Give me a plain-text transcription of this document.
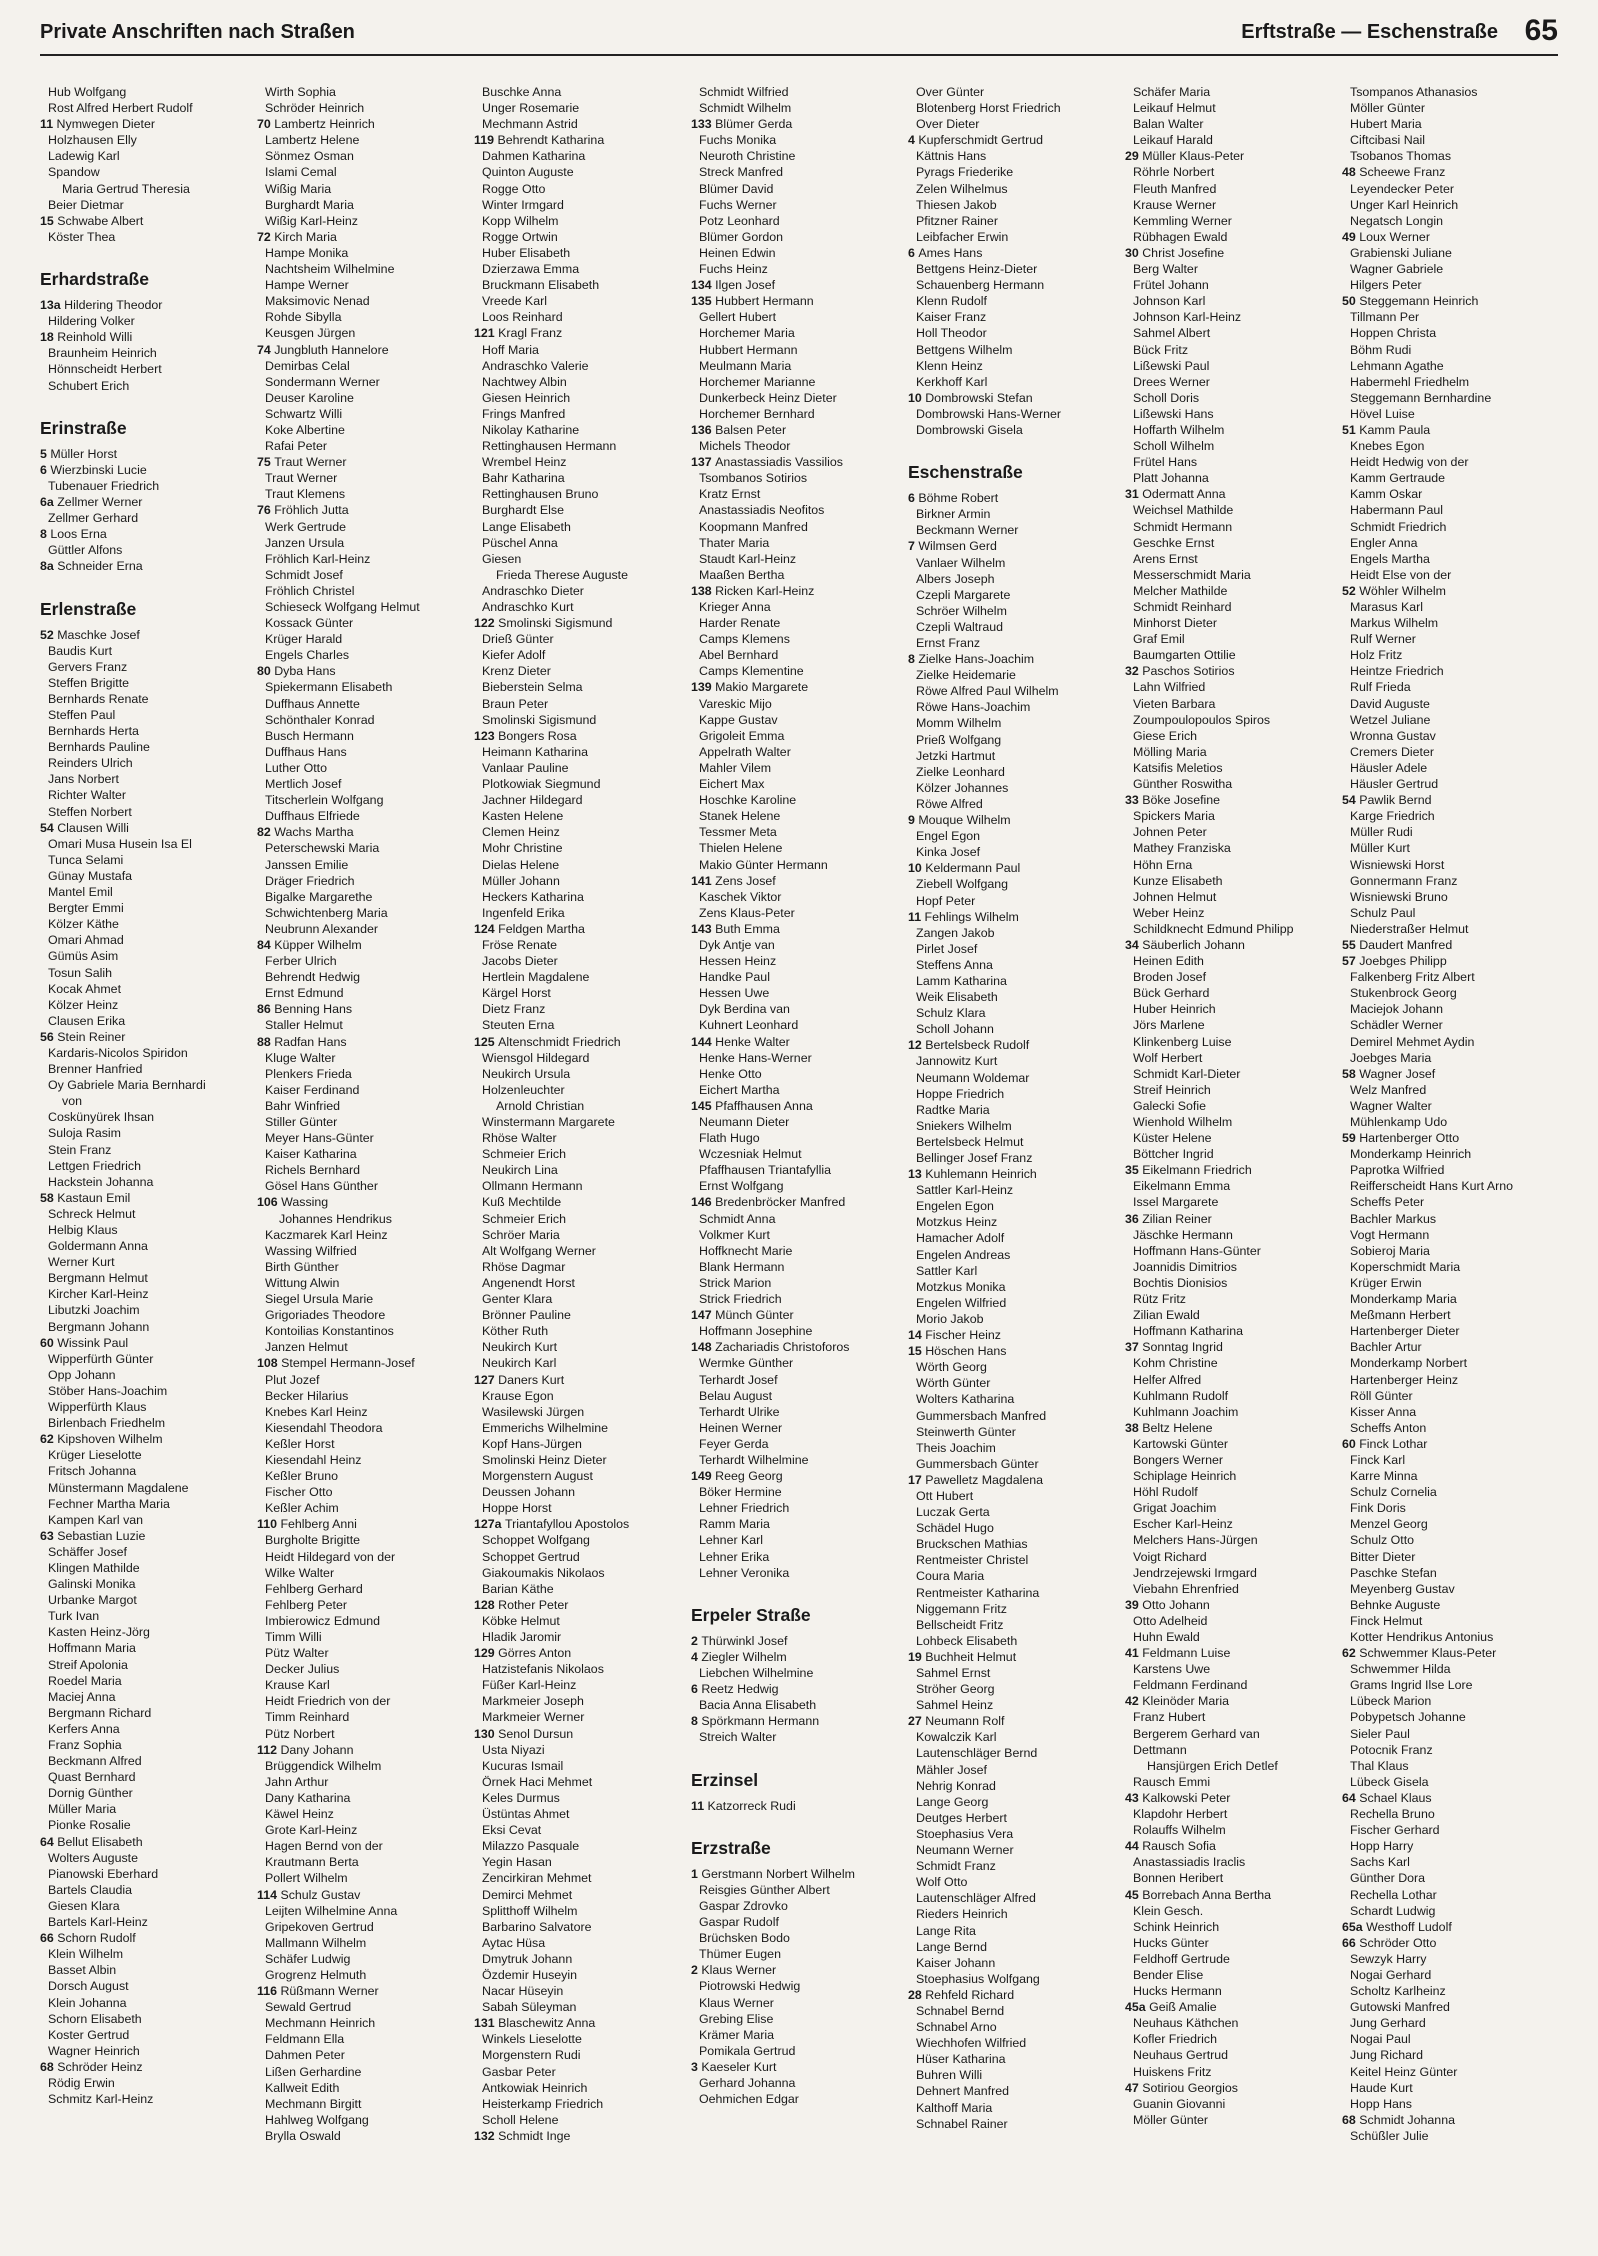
Private Anschriften nach Straßen	Erftstraße — Eschenstraße 65
Hub Wolfgang
Rost Alfred Herbert Rudolf
11 Nymwegen Dieter
Holzhausen Elly
Ladewig Karl
Spandow
Maria Gertrud Theresia
Beier Dietmar
15 Schwabe Albert
Köster Thea
Erhardstraße
13a Hildering Theodor
Hildering Volker
18 Reinhold Willi
Braunheim Heinrich
Hönnscheidt Herbert
Schubert Erich
Erinstraße
5 Müller Horst
6 Wierzbinski Lucie
Tubenauer Friedrich
6a Zellmer Werner
Zellmer Gerhard
8 Loos Erna
Güttler Alfons
8a Schneider Erna
Erlenstraße
52 Maschke Josef
Baudis Kurt
Gervers Franz
Steffen Brigitte
Bernhards Renate
Steffen Paul
Bernhards Herta
Bernhards Pauline
Reinders Ulrich
Jans Norbert
Richter Walter
Steffen Norbert
54 Clausen Willi
Omari Musa Husein Isa El
Tunca Selami
Günay Mustafa
Mantel Emil
Bergter Emmi
Kölzer Käthe
Omari Ahmad
Gümüs Asim
Tosun Salih
Kocak Ahmet
Kölzer Heinz
Clausen Erika
56 Stein Reiner
Kardaris-Nicolos Spiridon
Brenner Hanfried
Oy Gabriele Maria Bernhardi
von
Coskünyürek Ihsan
Suloja Rasim
Stein Franz
Lettgen Friedrich
Hackstein Johanna
58 Kastaun Emil
Schreck Helmut
Helbig Klaus
Goldermann Anna
Werner Kurt
Bergmann Helmut
Kircher Karl-Heinz
Libutzki Joachim
Bergmann Johann
60 Wissink Paul
Wipperfürth Günter
Opp Johann
Stöber Hans-Joachim
Wipperfürth Klaus
Birlenbach Friedhelm
62 Kipshoven Wilhelm
Krüger Lieselotte
Fritsch Johanna
Münstermann Magdalene
Fechner Martha Maria
Kampen Karl van
63 Sebastian Luzie
Schäffer Josef
Klingen Mathilde
Galinski Monika
Urbanke Margot
Turk Ivan
Kasten Heinz-Jörg
Hoffmann Maria
Streif Apolonia
Roedel Maria
Maciej Anna
Bergmann Richard
Kerfers Anna
Franz Sophia
Beckmann Alfred
Quast Bernhard
Dornig Günther
Müller Maria
Pionke Rosalie
64 Bellut Elisabeth
Wolters Auguste
Pianowski Eberhard
Bartels Claudia
Giesen Klara
Bartels Karl-Heinz
66 Schorn Rudolf
Klein Wilhelm
Basset Albin
Dorsch August
Klein Johanna
Schorn Elisabeth
Koster Gertrud
Wagner Heinrich
68 Schröder Heinz
Rödig Erwin
Schmitz Karl-Heinz
Wirth Sophia
Schröder Heinrich
70 Lambertz Heinrich
Lambertz Helene
Sönmez Osman
Islami Cemal
Wißig Maria
Burghardt Maria
Wißig Karl-Heinz
72 Kirch Maria
Hampe Monika
Nachtsheim Wilhelmine
Hampe Werner
Maksimovic Nenad
Rohde Sibylla
Keusgen Jürgen
74 Jungbluth Hannelore
Demirbas Celal
Sondermann Werner
Deuser Karoline
Schwartz Willi
Koke Albertine
Rafai Peter
75 Traut Werner
Traut Werner
Traut Klemens
76 Fröhlich Jutta
Werk Gertrude
Janzen Ursula
Fröhlich Karl-Heinz
Schmidt Josef
Fröhlich Christel
Schieseck Wolfgang Helmut
Kossack Günter
Krüger Harald
Engels Charles
80 Dyba Hans
Spiekermann Elisabeth
Duffhaus Annette
Schönthaler Konrad
Busch Hermann
Duffhaus Hans
Luther Otto
Mertlich Josef
Titscherlein Wolfgang
Duffhaus Elfriede
82 Wachs Martha
Peterschewski Maria
Janssen Emilie
Dräger Friedrich
Bigalke Margarethe
Schwichtenberg Maria
Neubrunn Alexander
84 Küpper Wilhelm
Ferber Ulrich
Behrendt Hedwig
Ernst Edmund
86 Benning Hans
Staller Helmut
88 Radfan Hans
Kluge Walter
Plenkers Frieda
Kaiser Ferdinand
Bahr Winfried
Stiller Günter
Meyer Hans-Günter
Kaiser Katharina
Richels Bernhard
Gösel Hans Günther
106 Wassing
Johannes Hendrikus
Kaczmarek Karl Heinz
Wassing Wilfried
Birth Günther
Wittung Alwin
Siegel Ursula Marie
Grigoriades Theodore
Kontoilias Konstantinos
Janzen Helmut
108 Stempel Hermann-Josef
Plut Jozef
Becker Hilarius
Knebes Karl Heinz
Kiesendahl Theodora
Keßler Horst
Kiesendahl Heinz
Keßler Bruno
Fischer Otto
Keßler Achim
110 Fehlberg Anni
Burgholte Brigitte
Heidt Hildegard von der
Wilke Walter
Fehlberg Gerhard
Fehlberg Peter
Imbierowicz Edmund
Timm Willi
Pütz Walter
Decker Julius
Krause Karl
Heidt Friedrich von der
Timm Reinhard
Pütz Norbert
112 Dany Johann
Brüggendick Wilhelm
Jahn Arthur
Dany Katharina
Käwel Heinz
Grote Karl-Heinz
Hagen Bernd von der
Krautmann Berta
Pollert Wilhelm
114 Schulz Gustav
Leijten Wilhelmine Anna
Gripekoven Gertrud
Mallmann Wilhelm
Schäfer Ludwig
Grogrenz Helmuth
116 Rüßmann Werner
Sewald Gertrud
Mechmann Heinrich
Feldmann Ella
Dahmen Peter
Lißen Gerhardine
Kallweit Edith
Mechmann Birgitt
Hahlweg Wolfgang
Brylla Oswald
Buschke Anna
Unger Rosemarie
Mechmann Astrid
119 Behrendt Katharina
Dahmen Katharina
Quinton Auguste
Rogge Otto
Winter Irmgard
Kopp Wilhelm
Rogge Ortwin
Huber Elisabeth
Dzierzawa Emma
Bruckmann Elisabeth
Vreede Karl
Loos Reinhard
121 Kragl Franz
Hoff Maria
Andraschko Valerie
Nachtwey Albin
Giesen Heinrich
Frings Manfred
Nikolay Katharine
Rettinghausen Hermann
Wrembel Heinz
Bahr Katharina
Rettinghausen Bruno
Burghardt Else
Lange Elisabeth
Püschel Anna
Giesen
Frieda Therese Auguste
Andraschko Dieter
Andraschko Kurt
122 Smolinski Sigismund
Drieß Günter
Kiefer Adolf
Krenz Dieter
Bieberstein Selma
Braun Peter
Smolinski Sigismund
123 Bongers Rosa
Heimann Katharina
Vanlaar Pauline
Plotkowiak Siegmund
Jachner Hildegard
Kasten Helene
Clemen Heinz
Mohr Christine
Dielas Helene
Müller Johann
Heckers Katharina
Ingenfeld Erika
124 Feldgen Martha
Fröse Renate
Jacobs Dieter
Hertlein Magdalene
Kärgel Horst
Dietz Franz
Steuten Erna
125 Altenschmidt Friedrich
Wiensgol Hildegard
Neukirch Ursula
Holzenleuchter
Arnold Christian
Winstermann Margarete
Rhöse Walter
Schmeier Erich
Neukirch Lina
Ollmann Hermann
Kuß Mechtilde
Schmeier Erich
Schröer Maria
Alt Wolfgang Werner
Rhöse Dagmar
Angenendt Horst
Genter Klara
Brönner Pauline
Köther Ruth
Neukirch Kurt
Neukirch Karl
127 Daners Kurt
Krause Egon
Wasilewski Jürgen
Emmerichs Wilhelmine
Kopf Hans-Jürgen
Smolinski Heinz Dieter
Morgenstern August
Deussen Johann
Hoppe Horst
127a Triantafyllou Apostolos
Schoppet Wolfgang
Schoppet Gertrud
Giakoumakis Nikolaos
Barian Käthe
128 Rother Peter
Köbke Helmut
Hladik Jaromir
129 Görres Anton
Hatzistefanis Nikolaos
Füßer Karl-Heinz
Markmeier Joseph
Markmeier Werner
130 Senol Dursun
Usta Niyazi
Kucuras Ismail
Örnek Haci Mehmet
Keles Durmus
Üstüntas Ahmet
Eksi Cevat
Milazzo Pasquale
Yegin Hasan
Zencirkiran Mehmet
Demirci Mehmet
Splitthoff Wilhelm
Barbarino Salvatore
Aytac Hüsa
Dmytruk Johann
Özdemir Huseyin
Nacar Hüseyin
Sabah Süleyman
131 Blaschewitz Anna
Winkels Lieselotte
Morgenstern Rudi
Gasbar Peter
Antkowiak Heinrich
Heisterkamp Friedrich
Scholl Helene
132 Schmidt Inge
Schmidt Wilfried
Schmidt Wilhelm
133 Blümer Gerda
Fuchs Monika
Neuroth Christine
Streck Manfred
Blümer David
Fuchs Werner
Potz Leonhard
Blümer Gordon
Heinen Edwin
Fuchs Heinz
134 Ilgen Josef
135 Hubbert Hermann
Gellert Hubert
Horchemer Maria
Hubbert Hermann
Meulmann Maria
Horchemer Marianne
Dunkerbeck Heinz Dieter
Horchemer Bernhard
136 Balsen Peter
Michels Theodor
137 Anastassiadis Vassilios
Tsombanos Sotirios
Kratz Ernst
Anastassiadis Neofitos
Koopmann Manfred
Thater Maria
Staudt Karl-Heinz
Maaßen Bertha
138 Ricken Karl-Heinz
Krieger Anna
Harder Renate
Camps Klemens
Abel Bernhard
Camps Klementine
139 Makio Margarete
Vareskic Mijo
Kappe Gustav
Grigoleit Emma
Appelrath Walter
Mahler Vilem
Eichert Max
Hoschke Karoline
Stanek Helene
Tessmer Meta
Thielen Helene
Makio Günter Hermann
141 Zens Josef
Kaschek Viktor
Zens Klaus-Peter
143 Buth Emma
Dyk Antje van
Hessen Heinz
Handke Paul
Hessen Uwe
Dyk Berdina van
Kuhnert Leonhard
144 Henke Walter
Henke Hans-Werner
Henke Otto
Eichert Martha
145 Pfaffhausen Anna
Neumann Dieter
Flath Hugo
Wczesniak Helmut
Pfaffhausen Triantafyllia
Ernst Wolfgang
146 Bredenbröcker Manfred
Schmidt Anna
Volkmer Kurt
Hoffknecht Marie
Blank Hermann
Strick Marion
Strick Friedrich
147 Münch Günter
Hoffmann Josephine
148 Zachariadis Christoforos
Wermke Günther
Terhardt Josef
Belau August
Terhardt Ulrike
Heinen Werner
Feyer Gerda
Terhardt Wilhelmine
149 Reeg Georg
Böker Hermine
Lehner Friedrich
Ramm Maria
Lehner Karl
Lehner Erika
Lehner Veronika
Erpeler Straße
2 Thürwinkl Josef
4 Ziegler Wilhelm
Liebchen Wilhelmine
6 Reetz Hedwig
Bacia Anna Elisabeth
8 Spörkmann Hermann
Streich Walter
Erzinsel
11 Katzorreck Rudi
Erzstraße
1 Gerstmann Norbert Wilhelm
Reisgies Günther Albert
Gaspar Zdrovko
Gaspar Rudolf
Brüchsken Bodo
Thümer Eugen
2 Klaus Werner
Piotrowski Hedwig
Klaus Werner
Grebing Elise
Krämer Maria
Pomikala Gertrud
3 Kaeseler Kurt
Gerhard Johanna
Oehmichen Edgar
Over Günter
Blotenberg Horst Friedrich
Over Dieter
4 Kupferschmidt Gertrud
Kättnis Hans
Pyrags Friederike
Zelen Wilhelmus
Thiesen Jakob
Pfitzner Rainer
Leibfacher Erwin
6 Ames Hans
Bettgens Heinz-Dieter
Schauenberg Hermann
Klenn Rudolf
Kaiser Franz
Holl Theodor
Bettgens Wilhelm
Klenn Heinz
Kerkhoff Karl
10 Dombrowski Stefan
Dombrowski Hans-Werner
Dombrowski Gisela
Eschenstraße
6 Böhme Robert
Birkner Armin
Beckmann Werner
7 Wilmsen Gerd
Vanlaer Wilhelm
Albers Joseph
Czepli Margarete
Schröer Wilhelm
Czepli Waltraud
Ernst Franz
8 Zielke Hans-Joachim
Zielke Heidemarie
Röwe Alfred Paul Wilhelm
Röwe Hans-Joachim
Momm Wilhelm
Prieß Wolfgang
Jetzki Hartmut
Zielke Leonhard
Kölzer Johannes
Röwe Alfred
9 Mouque Wilhelm
Engel Egon
Kinka Josef
10 Keldermann Paul
Ziebell Wolfgang
Hopf Peter
11 Fehlings Wilhelm
Zangen Jakob
Pirlet Josef
Steffens Anna
Lamm Katharina
Weik Elisabeth
Schulz Klara
Scholl Johann
12 Bertelsbeck Rudolf
Jannowitz Kurt
Neumann Woldemar
Hoppe Friedrich
Radtke Maria
Sniekers Wilhelm
Bertelsbeck Helmut
Bellinger Josef Franz
13 Kuhlemann Heinrich
Sattler Karl-Heinz
Engelen Egon
Motzkus Heinz
Hamacher Adolf
Engelen Andreas
Sattler Karl
Motzkus Monika
Engelen Wilfried
Morio Jakob
14 Fischer Heinz
15 Höschen Hans
Wörth Georg
Wörth Günter
Wolters Katharina
Gummersbach Manfred
Steinwerth Günter
Theis Joachim
Gummersbach Günter
17 Pawelletz Magdalena
Ott Hubert
Luczak Gerta
Schädel Hugo
Bruckschen Mathias
Rentmeister Christel
Coura Maria
Rentmeister Katharina
Niggemann Fritz
Bellscheidt Fritz
Lohbeck Elisabeth
19 Buchheit Helmut
Sahmel Ernst
Ströher Georg
Sahmel Heinz
27 Neumann Rolf
Kowalczik Karl
Lautenschläger Bernd
Mähler Josef
Nehrig Konrad
Lange Georg
Deutges Herbert
Stoephasius Vera
Neumann Werner
Schmidt Franz
Wolf Otto
Lautenschläger Alfred
Rieders Heinrich
Lange Rita
Lange Bernd
Kaiser Johann
Stoephasius Wolfgang
28 Rehfeld Richard
Schnabel Bernd
Schnabel Arno
Wiechhofen Wilfried
Hüser Katharina
Buhren Willi
Dehnert Manfred
Kalthoff Maria
Schnabel Rainer
Schäfer Maria
Leikauf Helmut
Balan Walter
Leikauf Harald
29 Müller Klaus-Peter
Röhrle Norbert
Fleuth Manfred
Krause Werner
Kemmling Werner
Rübhagen Ewald
30 Christ Josefine
Berg Walter
Frütel Johann
Johnson Karl
Johnson Karl-Heinz
Sahmel Albert
Bück Fritz
Lißewski Paul
Drees Werner
Scholl Doris
Lißewski Hans
Hoffarth Wilhelm
Scholl Wilhelm
Frütel Hans
Platt Johanna
31 Odermatt Anna
Weichsel Mathilde
Schmidt Hermann
Geschke Ernst
Arens Ernst
Messerschmidt Maria
Melcher Mathilde
Schmidt Reinhard
Minhorst Dieter
Graf Emil
Baumgarten Ottilie
32 Paschos Sotirios
Lahn Wilfried
Vieten Barbara
Zoumpoulopoulos Spiros
Giese Erich
Mölling Maria
Katsifis Meletios
Günther Roswitha
33 Böke Josefine
Spickers Maria
Johnen Peter
Mathey Franziska
Höhn Erna
Kunze Elisabeth
Johnen Helmut
Weber Heinz
Schildknecht Edmund Philipp
34 Säuberlich Johann
Heinen Edith
Broden Josef
Bück Gerhard
Huber Heinrich
Jörs Marlene
Klinkenberg Luise
Wolf Herbert
Schmidt Karl-Dieter
Streif Heinrich
Galecki Sofie
Wienhold Wilhelm
Küster Helene
Böttcher Ingrid
35 Eikelmann Friedrich
Eikelmann Emma
Issel Margarete
36 Zilian Reiner
Jäschke Hermann
Hoffmann Hans-Günter
Joannidis Dimitrios
Bochtis Dionisios
Rütz Fritz
Zilian Ewald
Hoffmann Katharina
37 Sonntag Ingrid
Kohm Christine
Helfer Alfred
Kuhlmann Rudolf
Kuhlmann Joachim
38 Beltz Helene
Kartowski Günter
Bongers Werner
Schiplage Heinrich
Höhl Rudolf
Grigat Joachim
Escher Karl-Heinz
Melchers Hans-Jürgen
Voigt Richard
Jendrzejewski Irmgard
Viebahn Ehrenfried
39 Otto Johann
Otto Adelheid
Huhn Ewald
41 Feldmann Luise
Karstens Uwe
Feldmann Ferdinand
42 Kleinöder Maria
Franz Hubert
Bergerem Gerhard van
Dettmann
Hansjürgen Erich Detlef
Rausch Emmi
43 Kalkowski Peter
Klapdohr Herbert
Rolauffs Wilhelm
44 Rausch Sofia
Anastassiadis Iraclis
Bonnen Heribert
45 Borrebach Anna Bertha
Klein Gesch.
Schink Heinrich
Hucks Günter
Feldhoff Gertrude
Bender Elise
Hucks Hermann
45a Geiß Amalie
Neuhaus Käthchen
Kofler Friedrich
Neuhaus Gertrud
Huiskens Fritz
47 Sotiriou Georgios
Guanin Giovanni
Möller Günter
Tsompanos Athanasios
Möller Günter
Hubert Maria
Ciftcibasi Nail
Tsobanos Thomas
48 Scheewe Franz
Leyendecker Peter
Unger Karl Heinrich
Negatsch Longin
49 Loux Werner
Grabienski Juliane
Wagner Gabriele
Hilgers Peter
50 Steggemann Heinrich
Tillmann Per
Hoppen Christa
Böhm Rudi
Lehmann Agathe
Habermehl Friedhelm
Steggemann Bernhardine
Hövel Luise
51 Kamm Paula
Knebes Egon
Heidt Hedwig von der
Kamm Gertraude
Kamm Oskar
Habermann Paul
Schmidt Friedrich
Engler Anna
Engels Martha
Heidt Else von der
52 Wöhler Wilhelm
Marasus Karl
Markus Wilhelm
Rulf Werner
Holz Fritz
Heintze Friedrich
Rulf Frieda
David Auguste
Wetzel Juliane
Wronna Gustav
Cremers Dieter
Häusler Adele
Häusler Gertrud
54 Pawlik Bernd
Karge Friedrich
Müller Rudi
Müller Kurt
Wisniewski Horst
Gonnermann Franz
Wisniewski Bruno
Schulz Paul
Niederstraßer Helmut
55 Daudert Manfred
57 Joebges Philipp
Falkenberg Fritz Albert
Stukenbrock Georg
Maciejok Johann
Schädler Werner
Demirel Mehmet Aydin
Joebges Maria
58 Wagner Josef
Welz Manfred
Wagner Walter
Mühlenkamp Udo
59 Hartenberger Otto
Monderkamp Heinrich
Paprotka Wilfried
Reifferscheidt Hans Kurt Arno
Scheffs Peter
Bachler Markus
Vogt Hermann
Sobieroj Maria
Koperschmidt Maria
Krüger Erwin
Monderkamp Maria
Meßmann Herbert
Hartenberger Dieter
Bachler Artur
Monderkamp Norbert
Hartenberger Heinz
Röll Günter
Kisser Anna
Scheffs Anton
60 Finck Lothar
Finck Karl
Karre Minna
Schulz Cornelia
Fink Doris
Menzel Georg
Schulz Otto
Bitter Dieter
Paschke Stefan
Meyenberg Gustav
Behnke Auguste
Finck Helmut
Kotter Hendrikus Antonius
62 Schwemmer Klaus-Peter
Schwemmer Hilda
Grams Ingrid Ilse Lore
Lübeck Marion
Pobypetsch Johanne
Sieler Paul
Potocnik Franz
Thal Klaus
Lübeck Gisela
64 Schael Klaus
Rechella Bruno
Fischer Gerhard
Hopp Harry
Sachs Karl
Günther Dora
Rechella Lothar
Schardt Ludwig
65a Westhoff Ludolf
66 Schröder Otto
Sewzyk Harry
Nogai Gerhard
Scholtz Karlheinz
Gutowski Manfred
Jung Gerhard
Nogai Paul
Jung Richard
Keitel Heinz Günter
Haude Kurt
Hopp Hans
68 Schmidt Johanna
Schüßler Julie
